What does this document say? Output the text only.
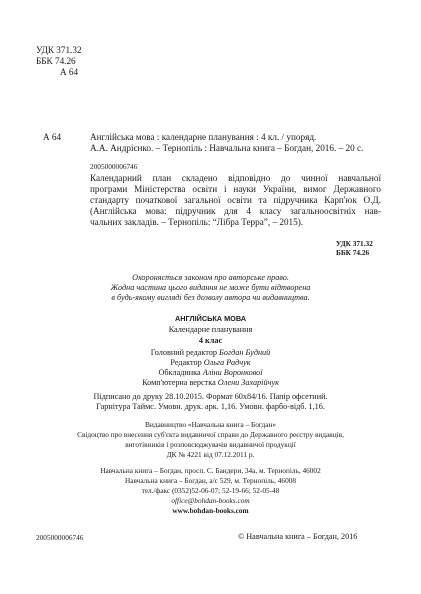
УДК 371.32
ББК 74.26
А 64
А 64	Англійська мова : календарне планування : 4 кл. / упоряд.
А.А. Андрієнко. – Тернопіль : Навчальна книга – Богдан, 2016. – 20 с.
2005000006746
Календарний план складено відповідно до чинної навчальної
програми Міністерства освіти і науки України, вимог Державного
стандарту початкової загальної освіти та підручника Карп'юк О.Д.
(Англійська мова: підручник для 4 класу загальноосвітніх нав-
чальних закладів. – Тернопіль: “Лібра Терра”, – 2015).
УДК 371.32
ББК 74.26
Охороняється законом про авторське право.
Жодна частина цього видання не може бути відтворена
в будь-якому вигляді без дозволу автора чи видавництва.
АНГЛІЙСЬКА МОВА
Календарне планування
4 клас
Головний редактор Богдан Будний
Редактор Ольга Радчук
Обкладинка Аліни Воронкової
Комп'ютерна верстка Олени Захарійчук
Підписано до друку 28.10.2015. Формат 60х84/16. Папір офсетний.
Гарнітура Таймс. Умовн. друк. арк. 1,16. Умовн. фарбо-відб. 1,16.
Видавництво «Навчальна книга – Богдан»
Свідоцтво про внесення суб'єкта видавничої справи до Державного реєстру видавців,
виготівників і розповсюджувачів видавничої продукції
ДК № 4221 від 07.12.2011 р.
Навчальна книга – Богдан, просп. С. Бандери, 34а, м. Тернопіль, 46002
Навчальна книга – Богдан, а/с 529, м. Тернопіль, 46008
тел./факс (0352)52-06-07; 52-19-66; 52-05-48
office@bohdan-books.com
www.bohdan-books.com
2005000006746	© Навчальна книга – Богдан, 2016
